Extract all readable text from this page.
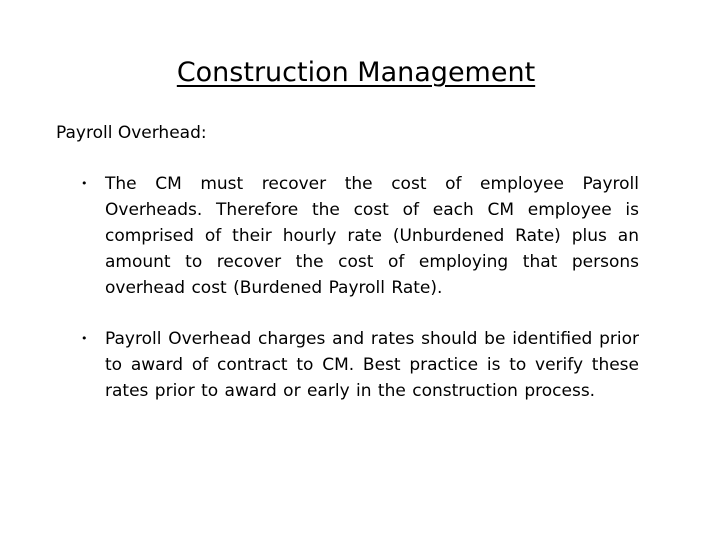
Construction Management
Payroll Overhead:
• The CM must recover the cost of employee Payroll Overheads. Therefore the cost of each CM employee is comprised of their hourly rate (Unburdened Rate) plus an amount to recover the cost of employing that persons overhead cost (Burdened Payroll Rate).
• Payroll Overhead charges and rates should be identified prior to award of contract to CM. Best practice is to verify these rates prior to award or early in the construction process.
